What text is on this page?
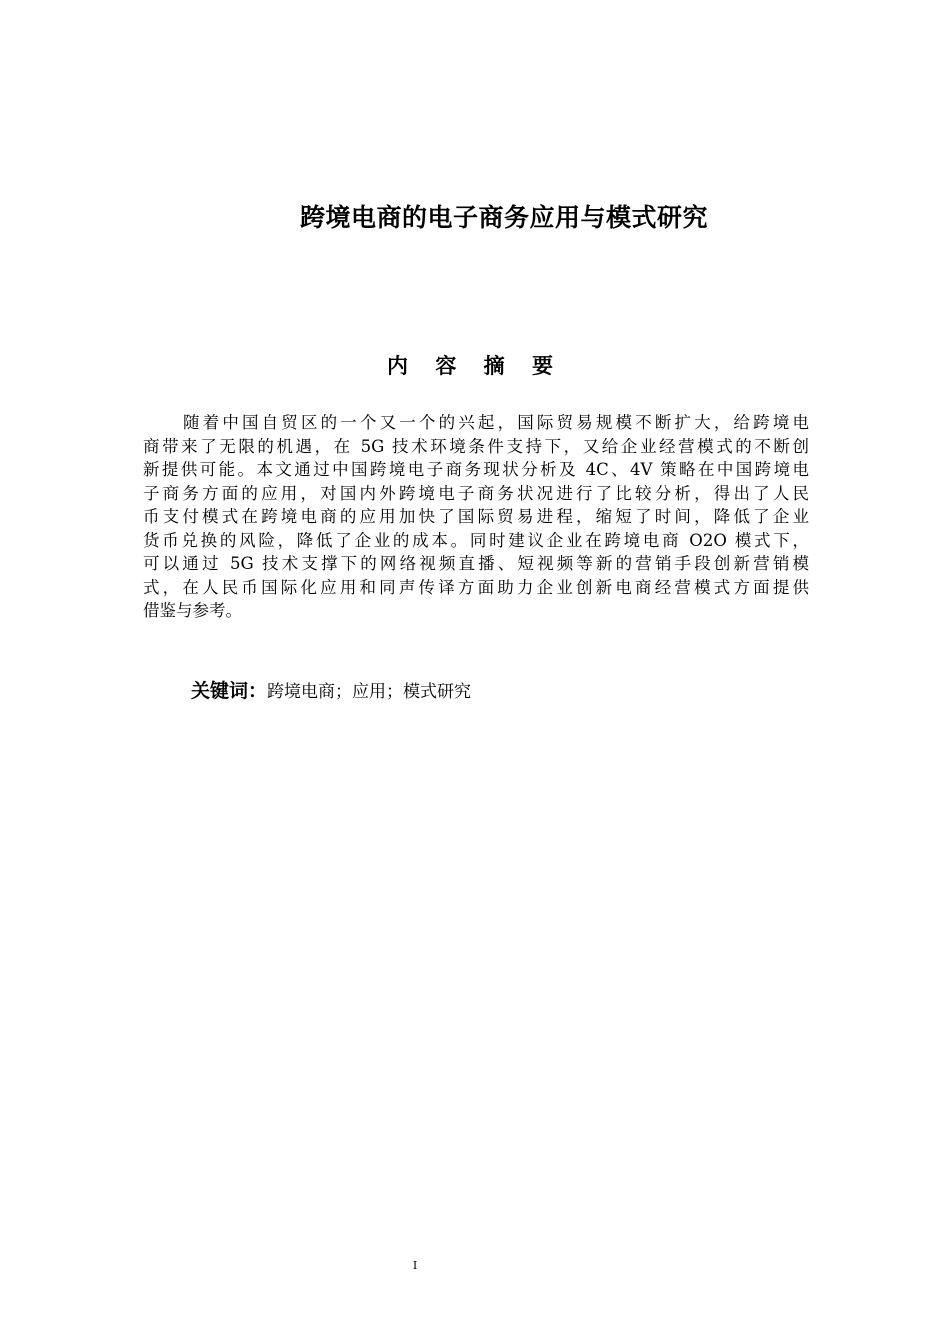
跨境电商的电子商务应用与模式研究
内 容 摘 要
随着中国自贸区的一个又一个的兴起，国际贸易规模不断扩大，给跨境电
商带来了无限的机遇，在 5G 技术环境条件支持下，又给企业经营模式的不断创
新提供可能。本文通过中国跨境电子商务现状分析及 4C、4V 策略在中国跨境电
子商务方面的应用，对国内外跨境电子商务状况进行了比较分析，得出了人民
币支付模式在跨境电商的应用加快了国际贸易进程，缩短了时间，降低了企业
货币兑换的风险，降低了企业的成本。同时建议企业在跨境电商 O2O 模式下，
可以通过 5G 技术支撑下的网络视频直播、短视频等新的营销手段创新营销模
式，在人民币国际化应用和同声传译方面助力企业创新电商经营模式方面提供
借鉴与参考。
关键词：跨境电商；应用；模式研究
I
